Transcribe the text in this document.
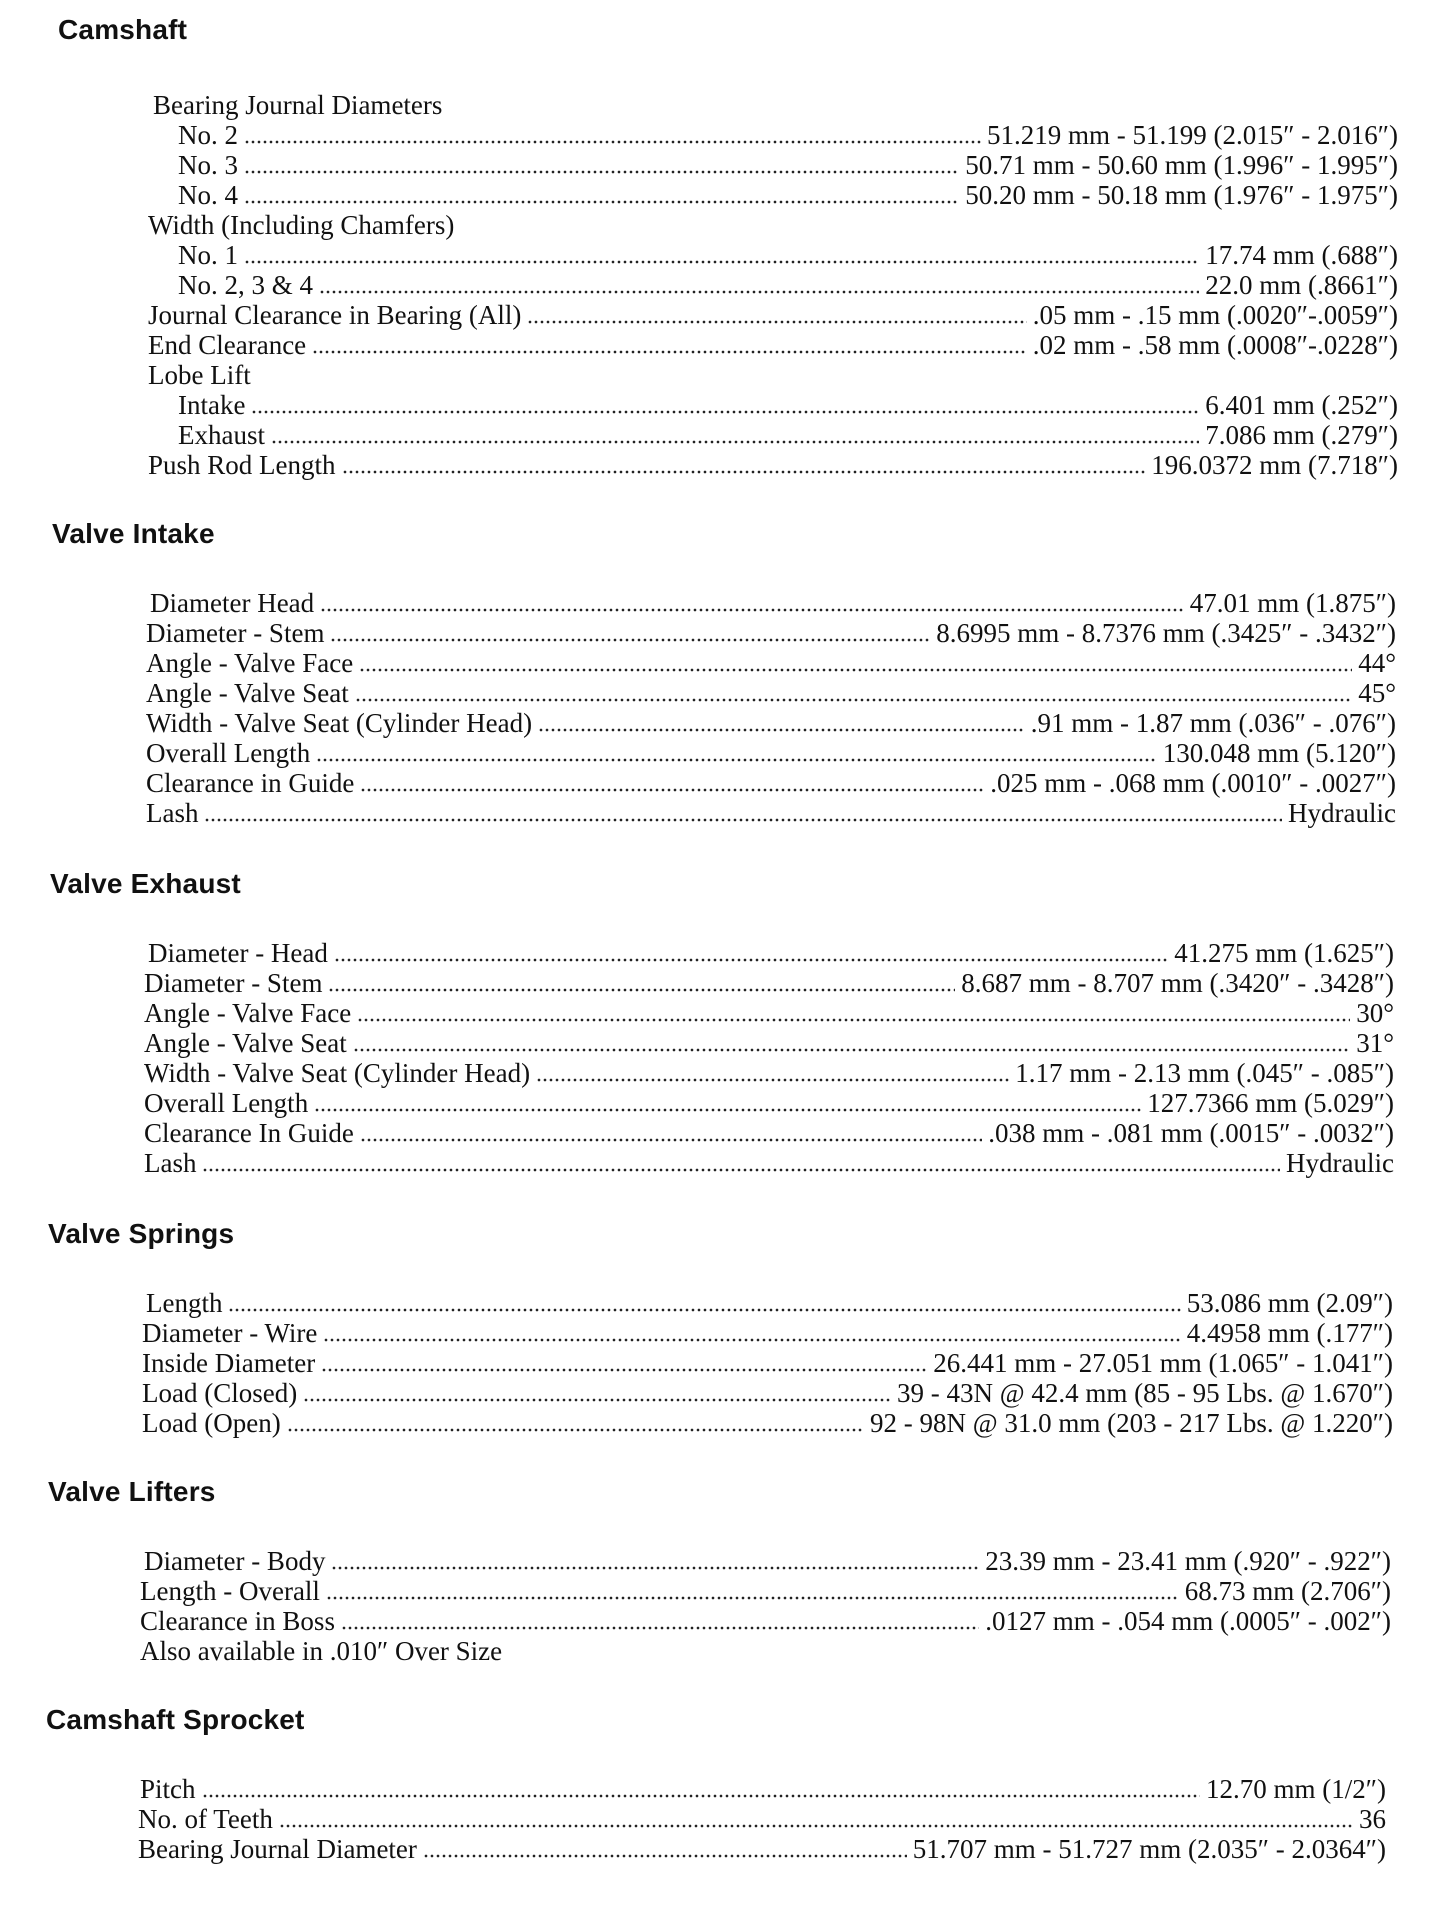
Camshaft
Bearing Journal Diameters
No. 2	51.219 mm - 51.199 (2.015″ - 2.016″)
No. 3	50.71 mm - 50.60 mm (1.996″ - 1.995″)
No. 4	50.20 mm - 50.18 mm (1.976″ - 1.975″)
Width (Including Chamfers)
No. 1	17.74 mm (.688″)
No. 2, 3 & 4	22.0 mm (.8661″)
Journal Clearance in Bearing (All)	.05 mm - .15 mm (.0020″-.0059″)
End Clearance	.02 mm - .58 mm (.0008″-.0228″)
Lobe Lift
Intake	6.401 mm (.252″)
Exhaust	7.086 mm (.279″)
Push Rod Length	196.0372 mm (7.718″)
Valve Intake
Diameter Head	47.01 mm (1.875″)
Diameter - Stem	8.6995 mm - 8.7376 mm (.3425″ - .3432″)
Angle - Valve Face	44°
Angle - Valve Seat	45°
Width - Valve Seat (Cylinder Head)	.91 mm - 1.87 mm (.036″ - .076″)
Overall Length	130.048 mm (5.120″)
Clearance in Guide	.025 mm - .068 mm (.0010″ - .0027″)
Lash	Hydraulic
Valve Exhaust
Diameter - Head	41.275 mm (1.625″)
Diameter - Stem	8.687 mm - 8.707 mm (.3420″ - .3428″)
Angle - Valve Face	30°
Angle - Valve Seat	31°
Width - Valve Seat (Cylinder Head)	1.17 mm - 2.13 mm (.045″ - .085″)
Overall Length	127.7366 mm (5.029″)
Clearance In Guide	.038 mm - .081 mm (.0015″ - .0032″)
Lash	Hydraulic
Valve Springs
Length	53.086 mm (2.09″)
Diameter - Wire	4.4958 mm (.177″)
Inside Diameter	26.441 mm - 27.051 mm (1.065″ - 1.041″)
Load (Closed)	39 - 43N @ 42.4 mm (85 - 95 Lbs. @ 1.670″)
Load (Open)	92 - 98N @ 31.0 mm (203 - 217 Lbs. @ 1.220″)
Valve Lifters
Diameter - Body	23.39 mm - 23.41 mm (.920″ - .922″)
Length - Overall	68.73 mm (2.706″)
Clearance in Boss	.0127 mm - .054 mm (.0005″ - .002″)
Also available in .010″ Over Size
Camshaft Sprocket
Pitch	12.70 mm (1/2″)
No. of Teeth	36
Bearing Journal Diameter	51.707 mm - 51.727 mm (2.035″ - 2.0364″)
